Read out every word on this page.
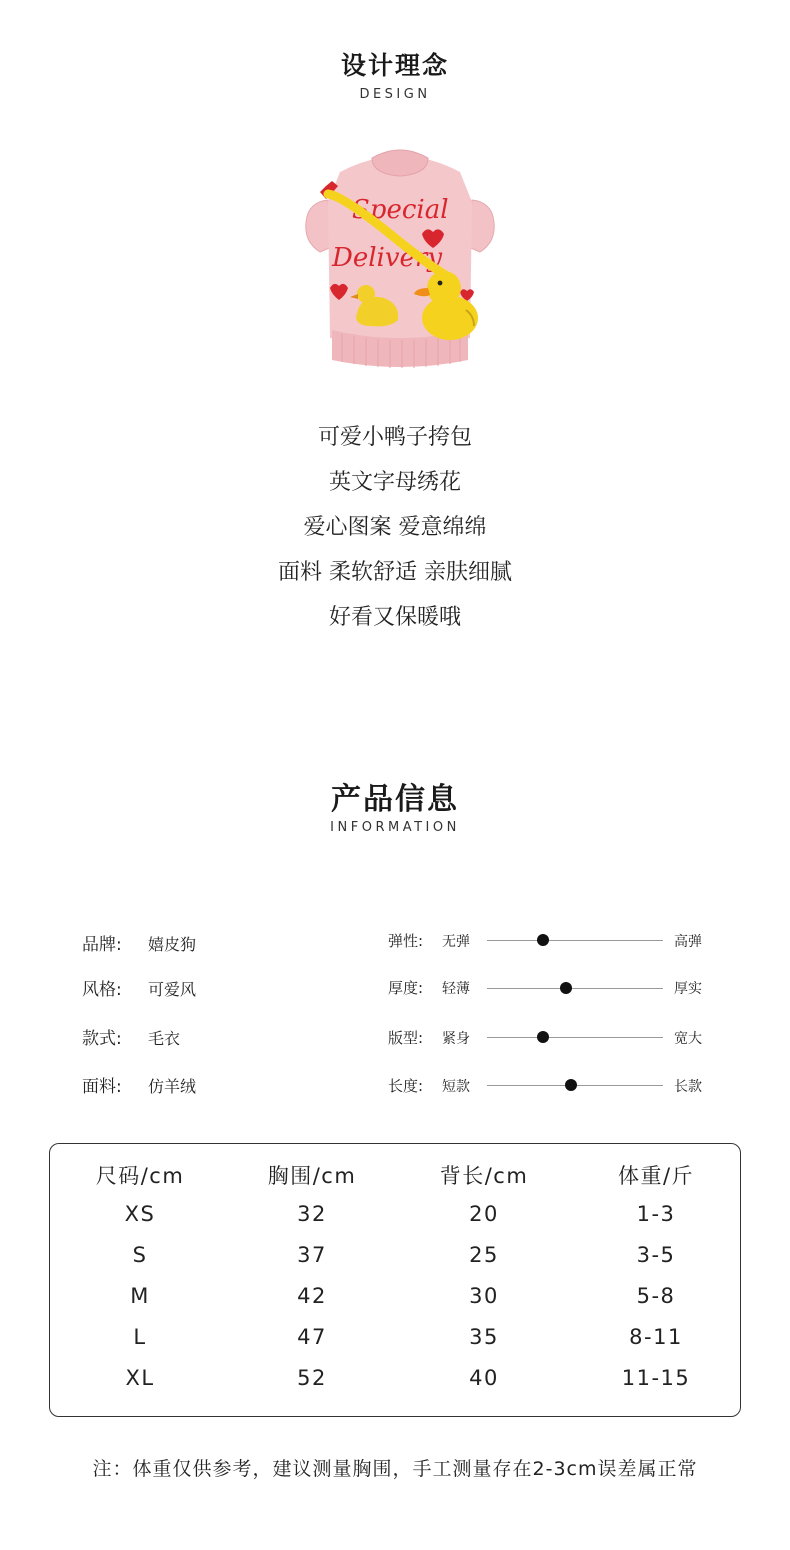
设计理念
DESIGN
Special
Delivery
可爱小鸭子挎包
英文字母绣花
爱心图案 爱意绵绵
面料 柔软舒适 亲肤细腻
好看又保暖哦
产品信息
INFORMATION
品牌: 嬉皮狗
风格: 可爱风
款式: 毛衣
面料: 仿羊绒
弹性: 无弹	高弹
厚度: 轻薄	厚实
版型: 紧身	宽大
长度: 短款	长款
尺码/cm	胸围/cm	背长/cm	体重/斤
XS	32	20	1-3
S	37	25	3-5
M	42	30	5-8
L	47	35	8-11
XL	52	40	11-15
注：体重仅供参考，建议测量胸围，手工测量存在2-3cm误差属正常
